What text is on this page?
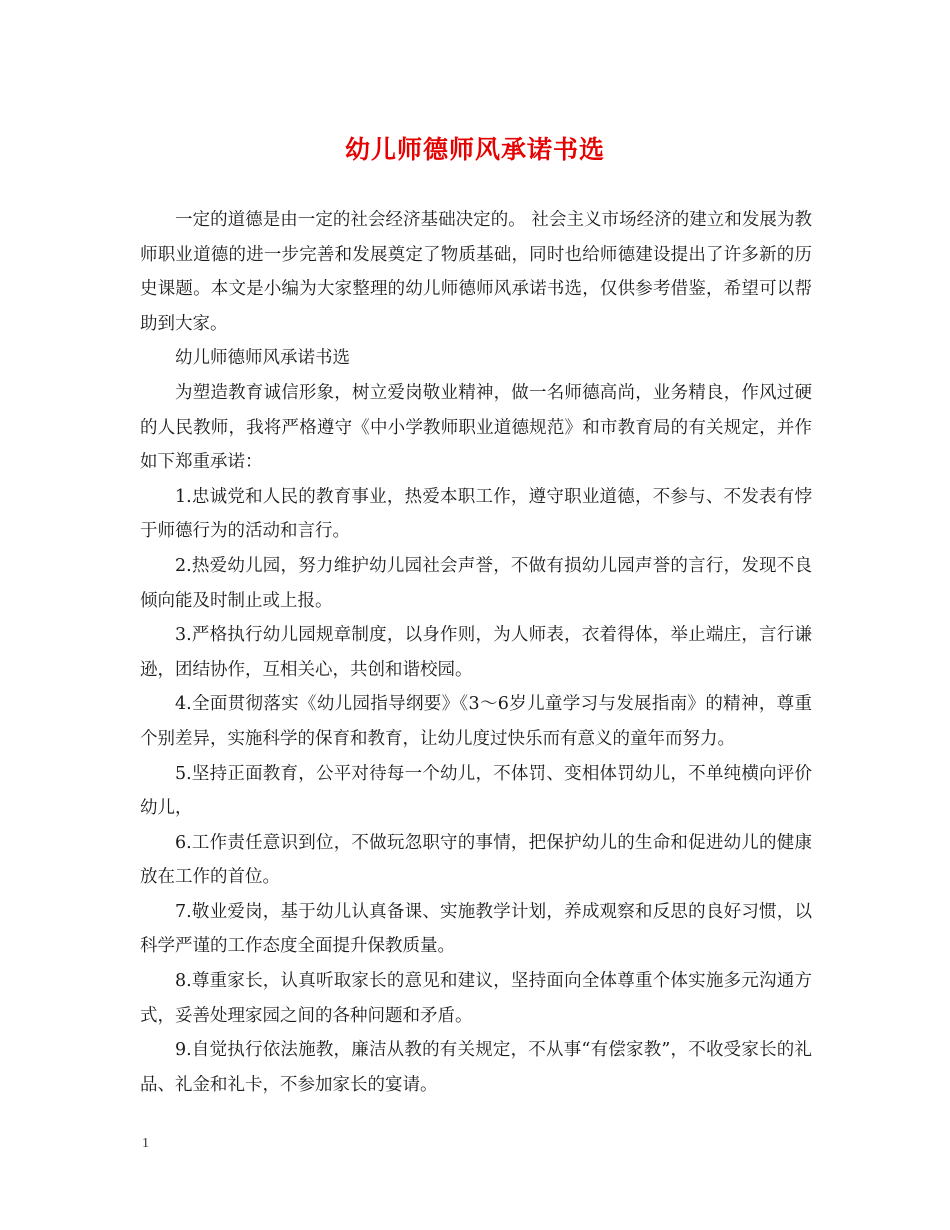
幼儿师德师风承诺书选

一定的道德是由一定的社会经济基础决定的。 社会主义市场经济的建立和发展为教师职业道德的进一步完善和发展奠定了物质基础，同时也给师德建设提出了许多新的历史课题。本文是小编为大家整理的幼儿师德师风承诺书选，仅供参考借鉴，希望可以帮助到大家。

幼儿师德师风承诺书选

为塑造教育诚信形象，树立爱岗敬业精神，做一名师德高尚，业务精良，作风过硬的人民教师，我将严格遵守《中小学教师职业道德规范》和市教育局的有关规定，并作如下郑重承诺：

1.忠诚党和人民的教育事业，热爱本职工作，遵守职业道德，不参与、不发表有悖于师德行为的活动和言行。

2.热爱幼儿园，努力维护幼儿园社会声誉，不做有损幼儿园声誉的言行，发现不良倾向能及时制止或上报。

3.严格执行幼儿园规章制度，以身作则，为人师表，衣着得体，举止端庄，言行谦逊，团结协作，互相关心，共创和谐校园。

4.全面贯彻落实《幼儿园指导纲要》《3～6岁儿童学习与发展指南》的精神，尊重个别差异，实施科学的保育和教育，让幼儿度过快乐而有意义的童年而努力。

5.坚持正面教育，公平对待每一个幼儿，不体罚、变相体罚幼儿，不单纯横向评价幼儿，

6.工作责任意识到位，不做玩忽职守的事情，把保护幼儿的生命和促进幼儿的健康放在工作的首位。

7.敬业爱岗，基于幼儿认真备课、实施教学计划，养成观察和反思的良好习惯，以科学严谨的工作态度全面提升保教质量。

8.尊重家长，认真听取家长的意见和建议，坚持面向全体尊重个体实施多元沟通方式，妥善处理家园之间的各种问题和矛盾。

9.自觉执行依法施教，廉洁从教的有关规定，不从事“有偿家教”，不收受家长的礼品、礼金和礼卡，不参加家长的宴请。

1
